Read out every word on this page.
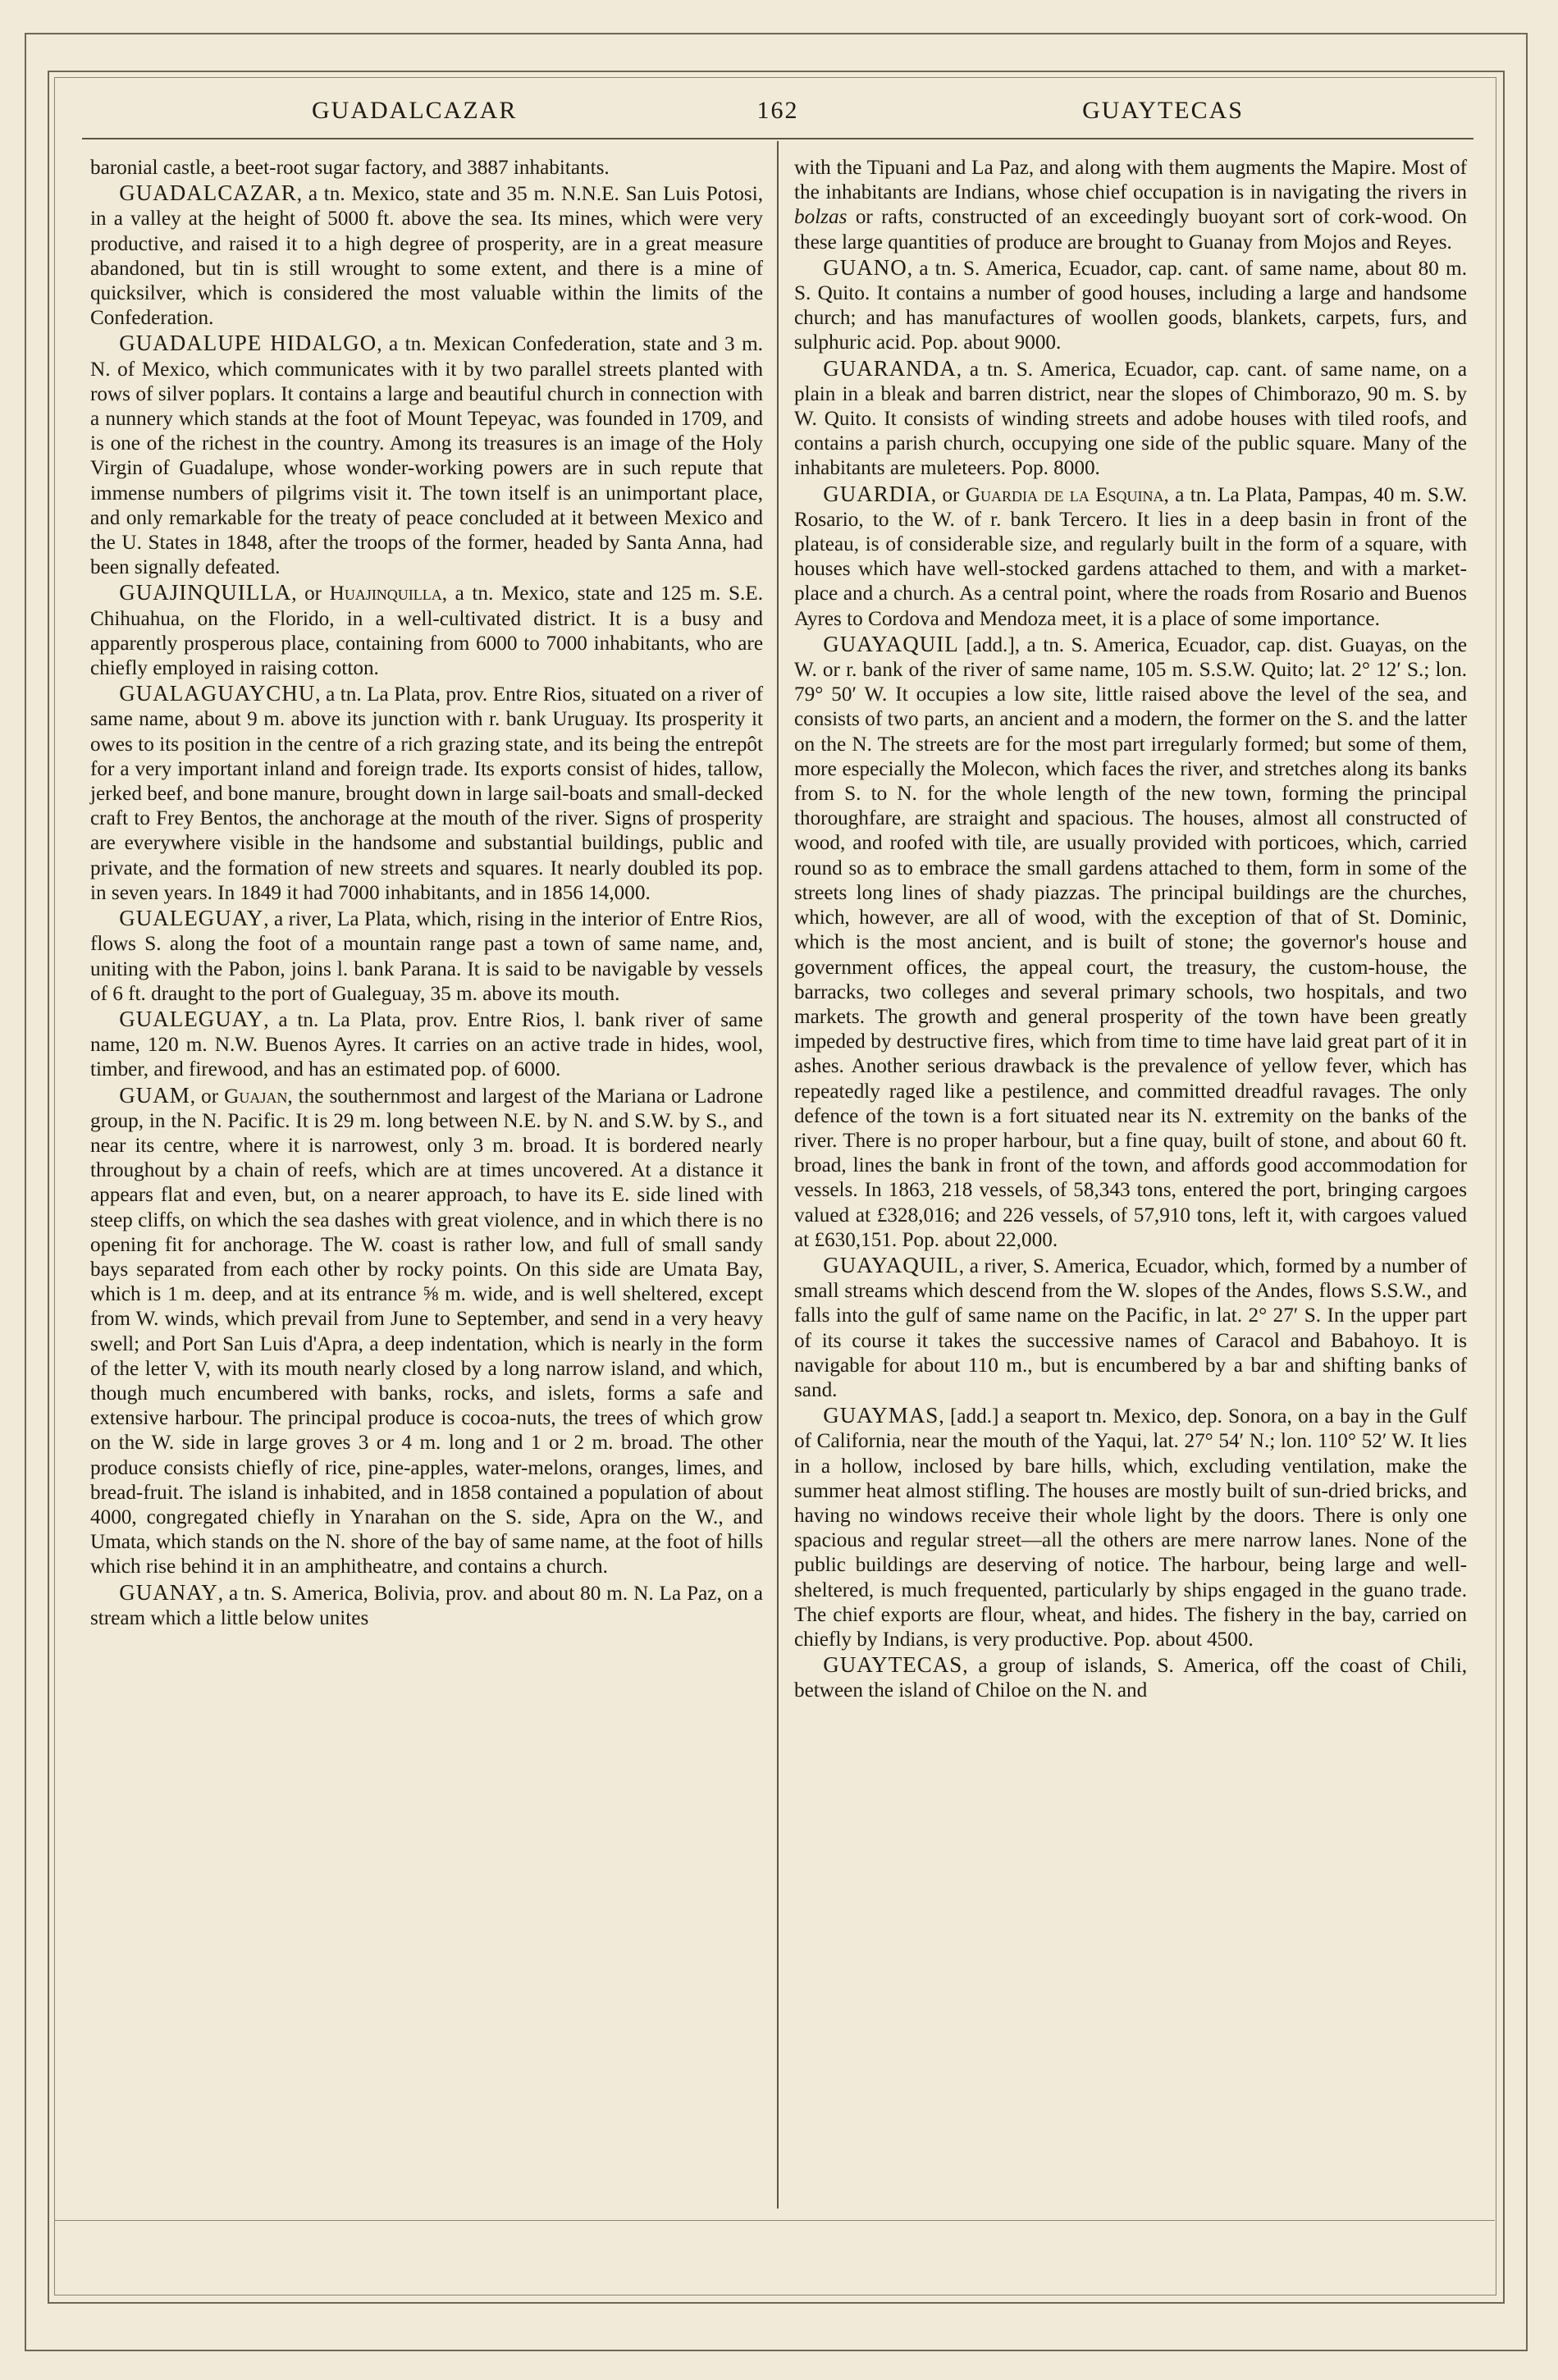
GUADALCAZAR	162	GUAYTECAS

baronial castle, a beet-root sugar factory, and 3887 inhabitants.

GUADALCAZAR, a tn. Mexico, state and 35 m. N.N.E. San Luis Potosi, in a valley at the height of 5000 ft. above the sea. Its mines, which were very productive, and raised it to a high degree of prosperity, are in a great measure abandoned, but tin is still wrought to some extent, and there is a mine of quicksilver, which is considered the most valuable within the limits of the Confederation.

GUADALUPE HIDALGO, a tn. Mexican Confederation, state and 3 m. N. of Mexico, which communicates with it by two parallel streets planted with rows of silver poplars. It contains a large and beautiful church in connection with a nunnery which stands at the foot of Mount Tepeyac, was founded in 1709, and is one of the richest in the country. Among its treasures is an image of the Holy Virgin of Guadalupe, whose wonder-working powers are in such repute that immense numbers of pilgrims visit it. The town itself is an unimportant place, and only remarkable for the treaty of peace concluded at it between Mexico and the U. States in 1848, after the troops of the former, headed by Santa Anna, had been signally defeated.

GUAJINQUILLA, or Huajinquilla, a tn. Mexico, state and 125 m. S.E. Chihuahua, on the Florido, in a well-cultivated district. It is a busy and apparently prosperous place, containing from 6000 to 7000 inhabitants, who are chiefly employed in raising cotton.

GUALAGUAYCHU, a tn. La Plata, prov. Entre Rios, situated on a river of same name, about 9 m. above its junction with r. bank Uruguay. Its prosperity it owes to its position in the centre of a rich grazing state, and its being the entrepôt for a very important inland and foreign trade. Its exports consist of hides, tallow, jerked beef, and bone manure, brought down in large sail-boats and small-decked craft to Frey Bentos, the anchorage at the mouth of the river. Signs of prosperity are everywhere visible in the handsome and substantial buildings, public and private, and the formation of new streets and squares. It nearly doubled its pop. in seven years. In 1849 it had 7000 inhabitants, and in 1856 14,000.

GUALEGUAY, a river, La Plata, which, rising in the interior of Entre Rios, flows S. along the foot of a mountain range past a town of same name, and, uniting with the Pabon, joins l. bank Parana. It is said to be navigable by vessels of 6 ft. draught to the port of Gualeguay, 35 m. above its mouth.

GUALEGUAY, a tn. La Plata, prov. Entre Rios, l. bank river of same name, 120 m. N.W. Buenos Ayres. It carries on an active trade in hides, wool, timber, and firewood, and has an estimated pop. of 6000.

GUAM, or Guajan, the southernmost and largest of the Mariana or Ladrone group, in the N. Pacific. It is 29 m. long between N.E. by N. and S.W. by S., and near its centre, where it is narrowest, only 3 m. broad. It is bordered nearly throughout by a chain of reefs, which are at times uncovered. At a distance it appears flat and even, but, on a nearer approach, to have its E. side lined with steep cliffs, on which the sea dashes with great violence, and in which there is no opening fit for anchorage. The W. coast is rather low, and full of small sandy bays separated from each other by rocky points. On this side are Umata Bay, which is 1 m. deep, and at its entrance ⅝ m. wide, and is well sheltered, except from W. winds, which prevail from June to September, and send in a very heavy swell; and Port San Luis d'Apra, a deep indentation, which is nearly in the form of the letter V, with its mouth nearly closed by a long narrow island, and which, though much encumbered with banks, rocks, and islets, forms a safe and extensive harbour. The principal produce is cocoa-nuts, the trees of which grow on the W. side in large groves 3 or 4 m. long and 1 or 2 m. broad. The other produce consists chiefly of rice, pine-apples, water-melons, oranges, limes, and bread-fruit. The island is inhabited, and in 1858 contained a population of about 4000, congregated chiefly in Ynarahan on the S. side, Apra on the W., and Umata, which stands on the N. shore of the bay of same name, at the foot of hills which rise behind it in an amphitheatre, and contains a church.

GUANAY, a tn. S. America, Bolivia, prov. and about 80 m. N. La Paz, on a stream which a little below unites

with the Tipuani and La Paz, and along with them augments the Mapire. Most of the inhabitants are Indians, whose chief occupation is in navigating the rivers in bolzas or rafts, constructed of an exceedingly buoyant sort of cork-wood. On these large quantities of produce are brought to Guanay from Mojos and Reyes.

GUANO, a tn. S. America, Ecuador, cap. cant. of same name, about 80 m. S. Quito. It contains a number of good houses, including a large and handsome church; and has manufactures of woollen goods, blankets, carpets, furs, and sulphuric acid. Pop. about 9000.

GUARANDA, a tn. S. America, Ecuador, cap. cant. of same name, on a plain in a bleak and barren district, near the slopes of Chimborazo, 90 m. S. by W. Quito. It consists of winding streets and adobe houses with tiled roofs, and contains a parish church, occupying one side of the public square. Many of the inhabitants are muleteers. Pop. 8000.

GUARDIA, or Guardia de la Esquina, a tn. La Plata, Pampas, 40 m. S.W. Rosario, to the W. of r. bank Tercero. It lies in a deep basin in front of the plateau, is of considerable size, and regularly built in the form of a square, with houses which have well-stocked gardens attached to them, and with a market-place and a church. As a central point, where the roads from Rosario and Buenos Ayres to Cordova and Mendoza meet, it is a place of some importance.

GUAYAQUIL [add.], a tn. S. America, Ecuador, cap. dist. Guayas, on the W. or r. bank of the river of same name, 105 m. S.S.W. Quito; lat. 2° 12′ S.; lon. 79° 50′ W. It occupies a low site, little raised above the level of the sea, and consists of two parts, an ancient and a modern, the former on the S. and the latter on the N. The streets are for the most part irregularly formed; but some of them, more especially the Molecon, which faces the river, and stretches along its banks from S. to N. for the whole length of the new town, forming the principal thoroughfare, are straight and spacious. The houses, almost all constructed of wood, and roofed with tile, are usually provided with porticoes, which, carried round so as to embrace the small gardens attached to them, form in some of the streets long lines of shady piazzas. The principal buildings are the churches, which, however, are all of wood, with the exception of that of St. Dominic, which is the most ancient, and is built of stone; the governor's house and government offices, the appeal court, the treasury, the custom-house, the barracks, two colleges and several primary schools, two hospitals, and two markets. The growth and general prosperity of the town have been greatly impeded by destructive fires, which from time to time have laid great part of it in ashes. Another serious drawback is the prevalence of yellow fever, which has repeatedly raged like a pestilence, and committed dreadful ravages. The only defence of the town is a fort situated near its N. extremity on the banks of the river. There is no proper harbour, but a fine quay, built of stone, and about 60 ft. broad, lines the bank in front of the town, and affords good accommodation for vessels. In 1863, 218 vessels, of 58,343 tons, entered the port, bringing cargoes valued at £328,016; and 226 vessels, of 57,910 tons, left it, with cargoes valued at £630,151. Pop. about 22,000.

GUAYAQUIL, a river, S. America, Ecuador, which, formed by a number of small streams which descend from the W. slopes of the Andes, flows S.S.W., and falls into the gulf of same name on the Pacific, in lat. 2° 27′ S. In the upper part of its course it takes the successive names of Caracol and Babahoyo. It is navigable for about 110 m., but is encumbered by a bar and shifting banks of sand.

GUAYMAS, [add.] a seaport tn. Mexico, dep. Sonora, on a bay in the Gulf of California, near the mouth of the Yaqui, lat. 27° 54′ N.; lon. 110° 52′ W. It lies in a hollow, inclosed by bare hills, which, excluding ventilation, make the summer heat almost stifling. The houses are mostly built of sun-dried bricks, and having no windows receive their whole light by the doors. There is only one spacious and regular street—all the others are mere narrow lanes. None of the public buildings are deserving of notice. The harbour, being large and well-sheltered, is much frequented, particularly by ships engaged in the guano trade. The chief exports are flour, wheat, and hides. The fishery in the bay, carried on chiefly by Indians, is very productive. Pop. about 4500.

GUAYTECAS, a group of islands, S. America, off the coast of Chili, between the island of Chiloe on the N. and
